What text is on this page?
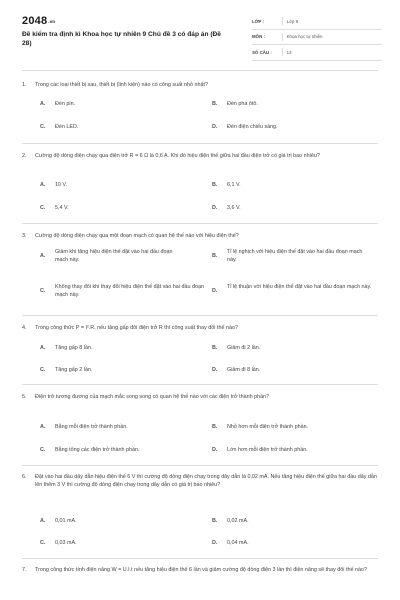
$2048^{.vn}$
Đề kiểm tra định kì Khoa học tự nhiên 9 Chủ đề 3 có đáp án (Đề 28)
LỚP :	Lớp 9
MÔN :	Khoa học tự nhiên
SỐ CÂU :	13
1.	Trong các loại thiết bị sau, thiết bị (linh kiện) nào có công suất nhỏ nhất?
A.	Đèn pin.	B.	Đèn pha ôtô.
C.	Đèn LED.	D.	Đèn điện chiếu sáng.
2.	Cường độ dòng điện chạy qua điện trở R = 6 Ω là 0,6 A. Khi đó hiệu điện thế giữa hai đầu điện trở có giá trị bao nhiêu?
A.	10 V.	B.	6,1 V.
C.	5,4 V.	D.	3,6 V.
3.	Cường độ dòng điện chạy qua một đoạn mạch có quan hệ thế nào với hiệu điện thế?
A.
Giảm khi tăng hiệu điện thế đặt vào hai đầu đoạn mạch này.
B.
Tỉ lệ nghịch với hiệu điện thế đặt vào hai đầu đoạn mạch này.
C.
Không thay đổi khi thay đổi hiệu điện thế đặt vào hai đầu đoạn mạch này.
D.
Tỉ lệ thuận với hiệu điện thế đặt vào hai đầu đoạn mạch này.
4.	Trong công thức P = I².R, nếu tăng gấp đôi điện trở R thì công suất thay đổi thế nào?
A.	Tăng gấp 8 lần.	B.	Giảm đi 2 lần.
C.	Tăng gấp 2 lần.	D.	Giảm đi 8 lần.
5.	Điện trở tương đương của mạch mắc song song có quan hệ thế nào với các điện trở thành phần?
A.	Bằng mỗi điện trở thành phần.	B.	Nhỏ hơn mỗi điện trở thành phần.
C.	Bằng tổng các điện trở thành phần.	D.	Lớn hơn mỗi điện trở thành phần.
6.	Đặt vào hai đầu dây dẫn hiệu điện thế 6 V thì cường độ dòng điện chạy trong dây dẫn là 0,02 mA. Nếu tăng hiệu điện thế giữa hai đầu dây dẫn lên thêm 3 V thì cường độ dòng điện chạy trong dây dẫn có giá trị bao nhiêu?
A.	0,01 mA.	B.	0,02 mA.
C.	0,03 mA.	D.	0,04 mA.
7.	Trong công thức tính điện năng W = U.I.t nếu tăng hiệu điện thế 6 lần và giảm cường độ dòng điện 3 lần thì điện năng sẽ thay đổi thế nào?
